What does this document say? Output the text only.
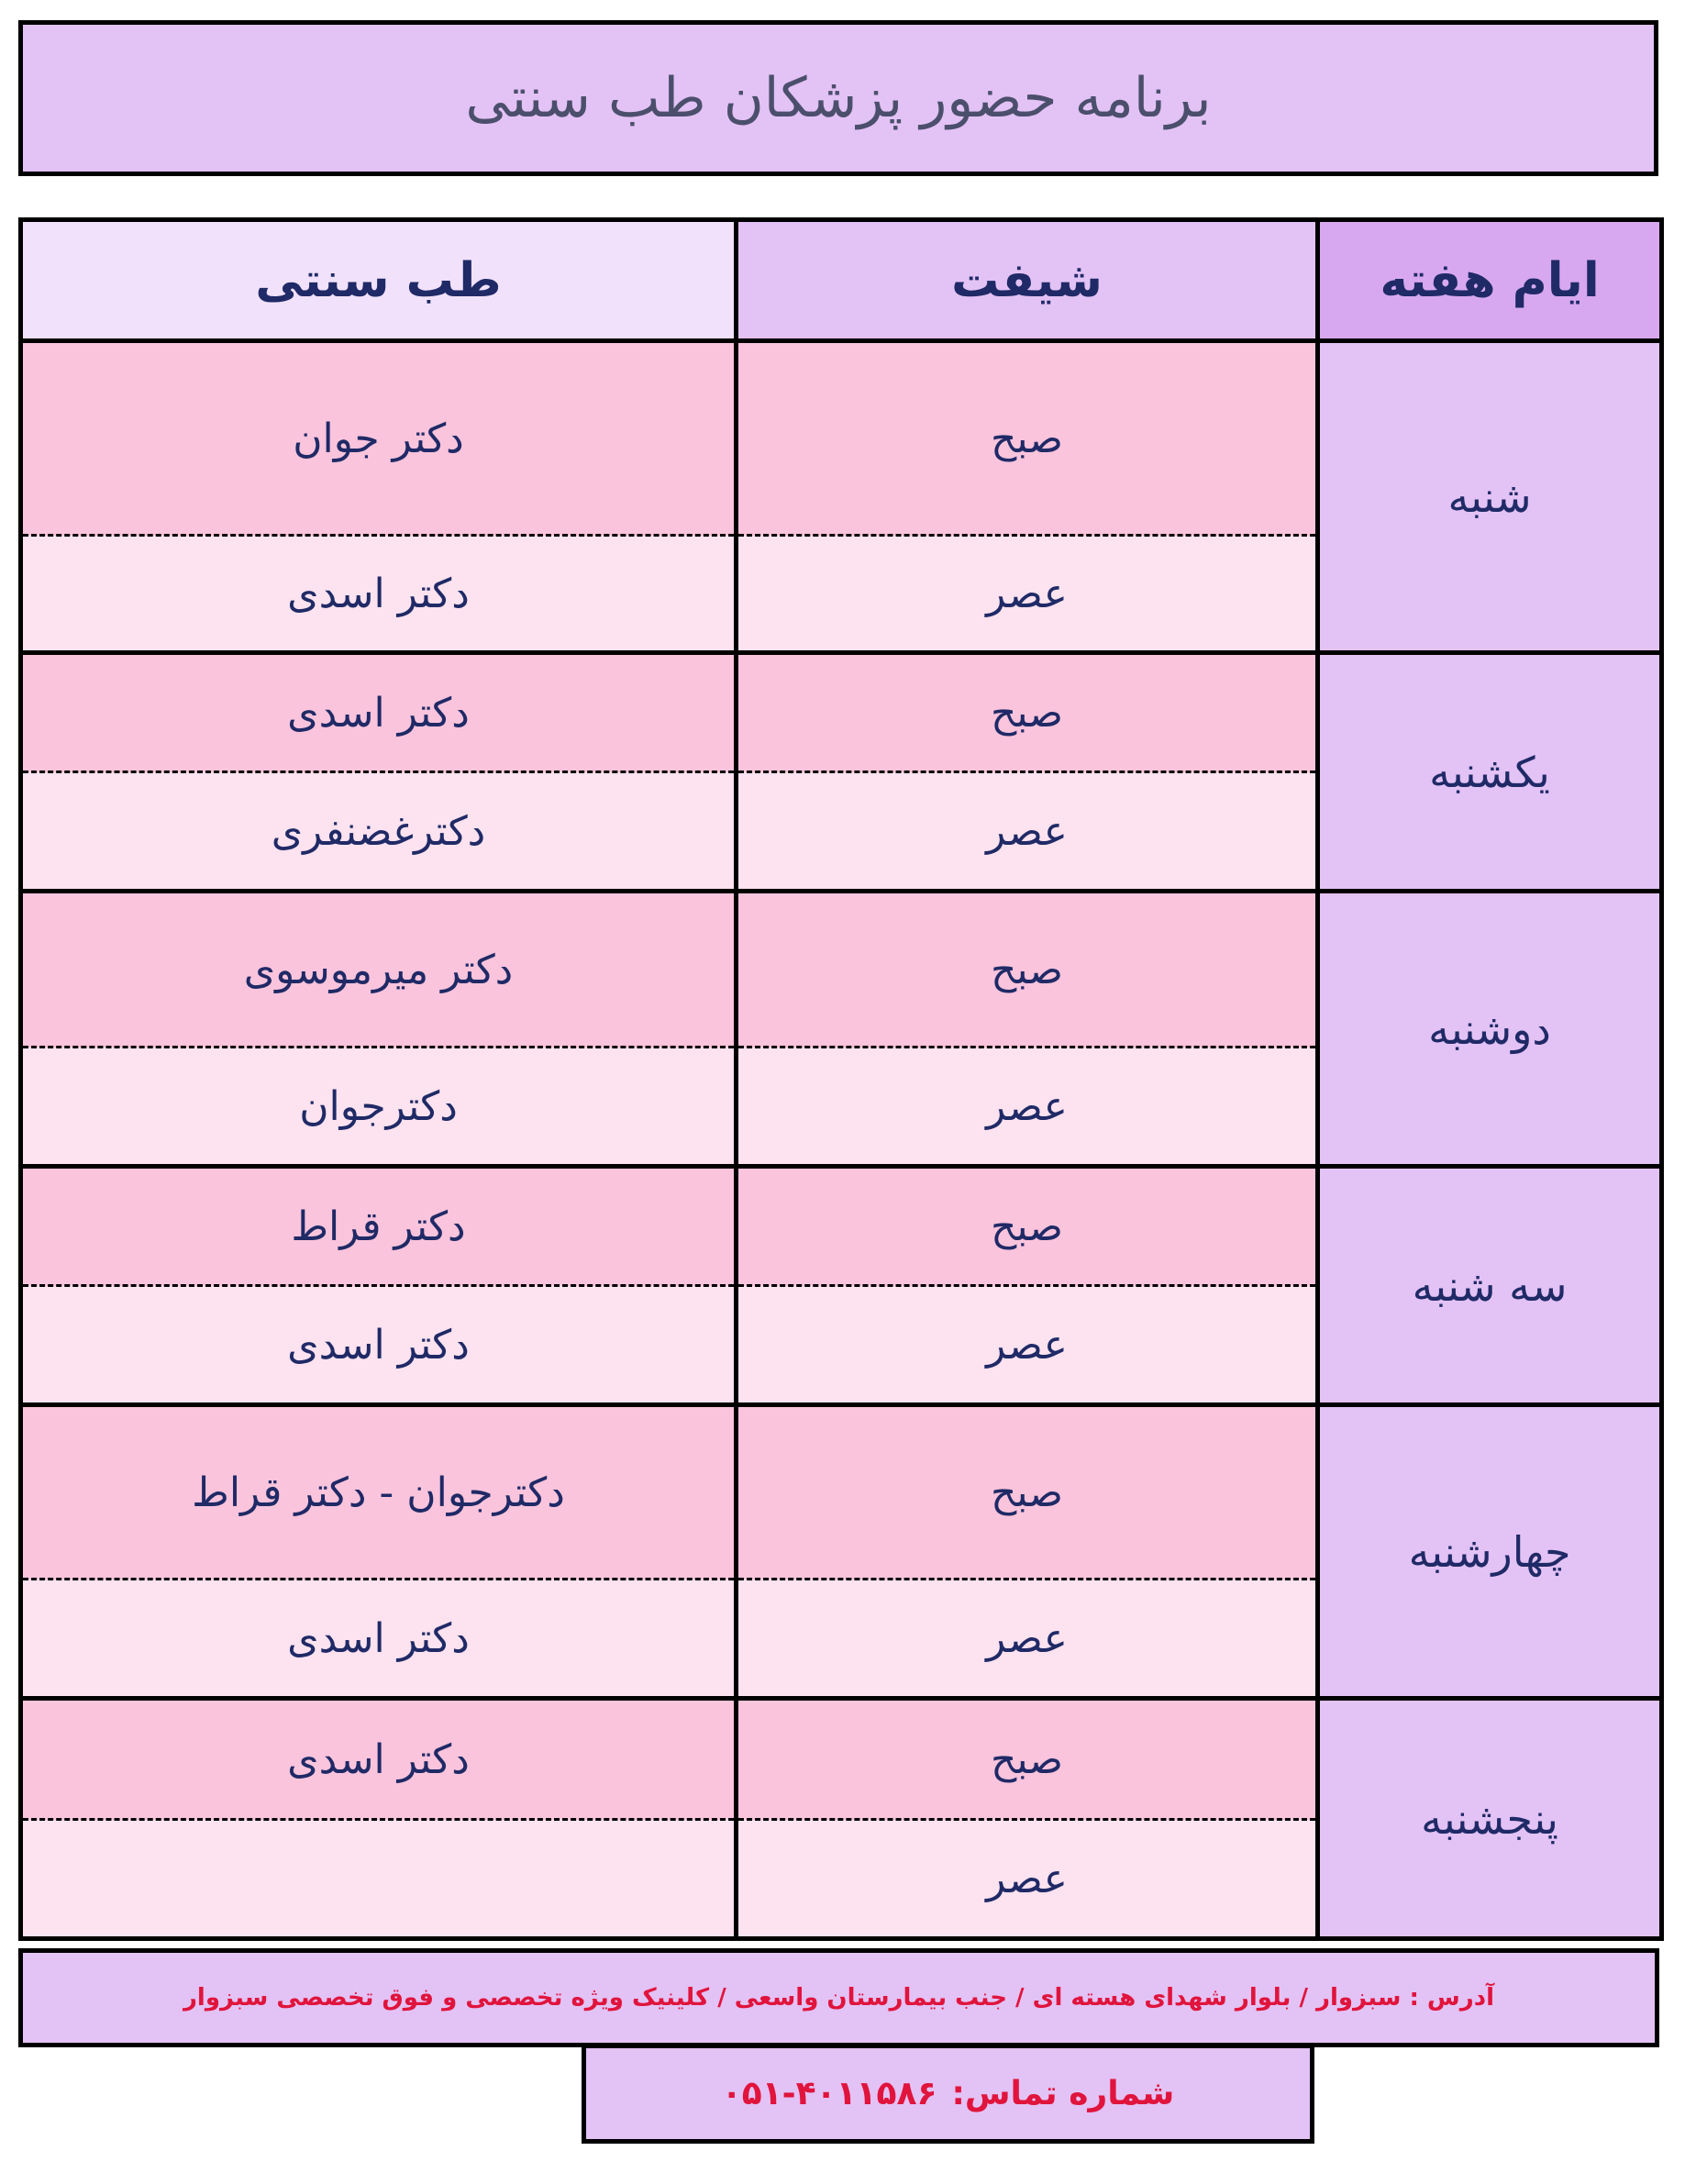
برنامه حضور پزشکان طب سنتی
ایام هفته	شیفت	طب سنتی
شنبه	صبح	دکتر جوان
	عصر	دکتر اسدی
یکشنبه	صبح	دکتر اسدی
	عصر	دکترغضنفری
دوشنبه	صبح	دکتر میرموسوی
	عصر	دکترجوان
سه شنبه	صبح	دکتر قراط
	عصر	دکتر اسدی
چهارشنبه	صبح	دکترجوان - دکتر قراط
	عصر	دکتر اسدی
پنجشنبه	صبح	دکتر اسدی
	عصر	
آدرس : سبزوار / بلوار شهدای هسته ای / جنب بیمارستان واسعی / کلینیک ویژه تخصصی و فوق تخصصی سبزوار
شماره تماس:
۰۵۱-۴۰۱۱۵۸۶
